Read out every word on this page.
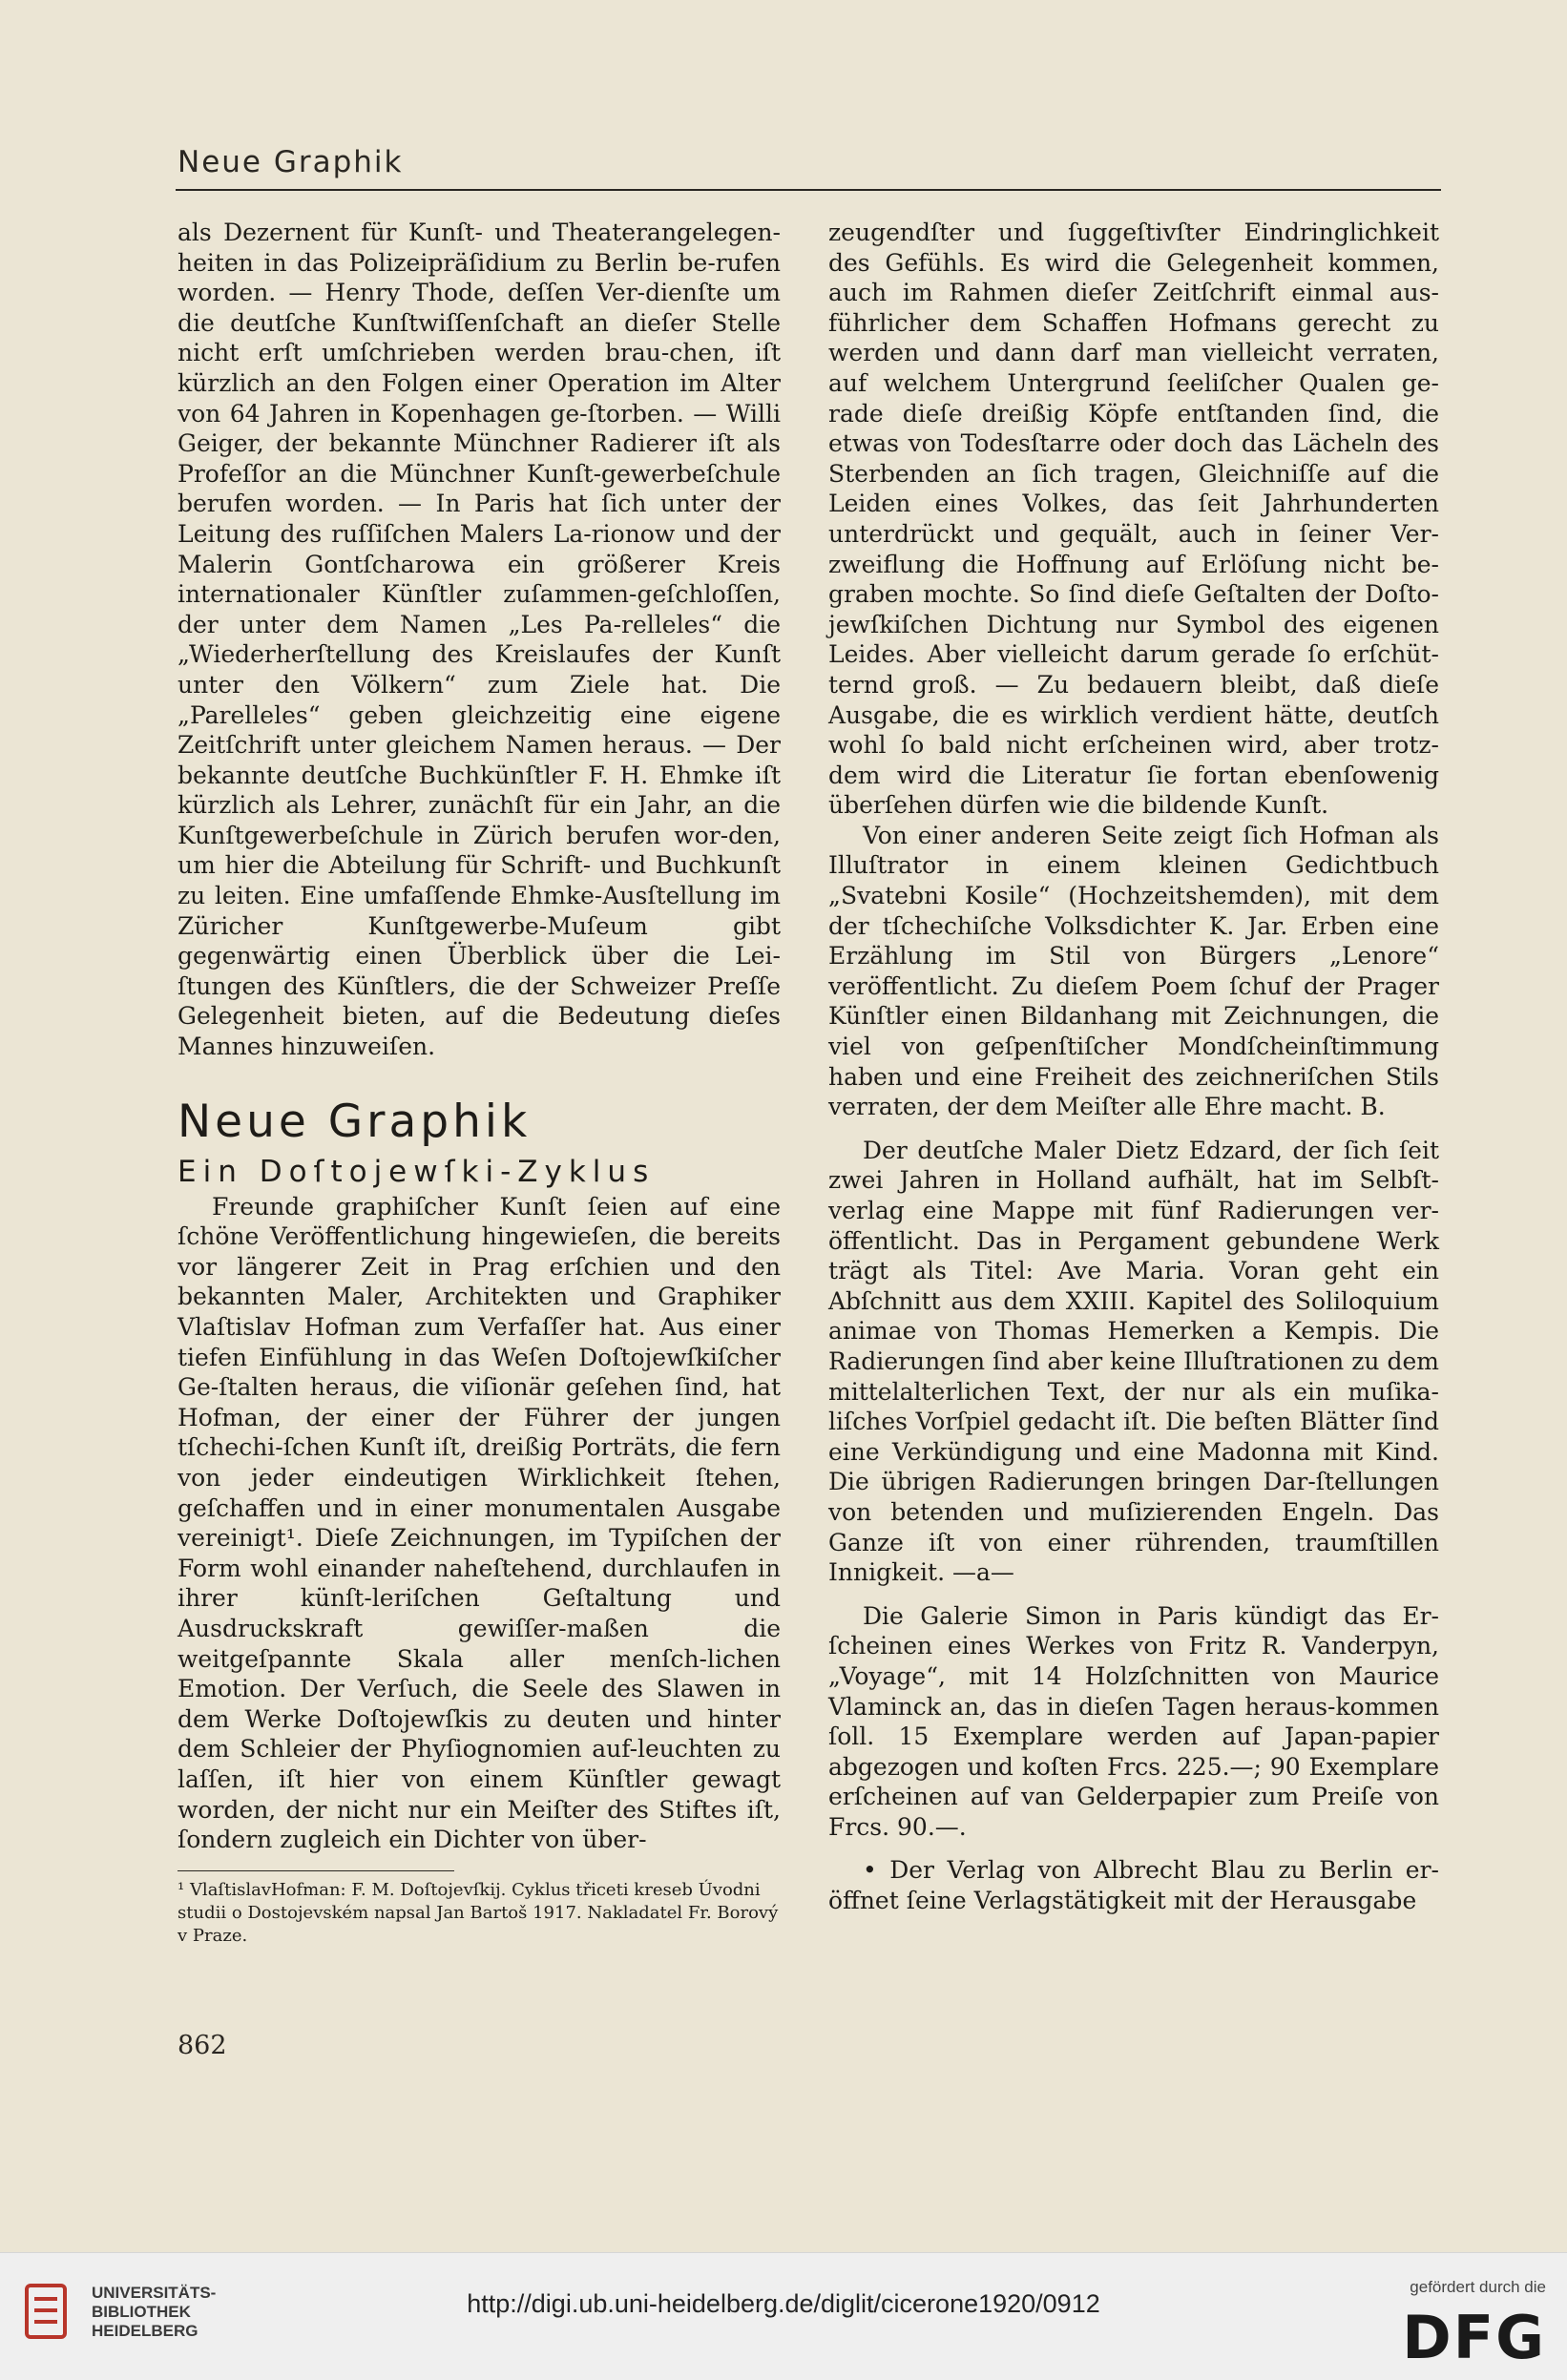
Neue Graphik

als Dezernent für Kunſt- und Theaterangelegen-heiten in das Polizeipräſidium zu Berlin be-rufen worden. — Henry Thode, deſſen Ver-dienſte um die deutſche Kunſtwiſſenſchaft an dieſer Stelle nicht erſt umſchrieben werden brau-chen, iſt kürzlich an den Folgen einer Operation im Alter von 64 Jahren in Kopenhagen ge-ſtorben. — Willi Geiger, der bekannte Münchner Radierer iſt als Profeſſor an die Münchner Kunſt-gewerbeſchule berufen worden. — In Paris hat ſich unter der Leitung des ruſſiſchen Malers La-rionow und der Malerin Gontſcharowa ein größerer Kreis internationaler Künſtler zuſammen-geſchloſſen, der unter dem Namen „Les Pa-relleles“ die „Wiederherſtellung des Kreislaufes der Kunſt unter den Völkern“ zum Ziele hat. Die „Parelleles“ geben gleichzeitig eine eigene Zeitſchrift unter gleichem Namen heraus. — Der bekannte deutſche Buchkünſtler F. H. Ehmke iſt kürzlich als Lehrer, zunächſt für ein Jahr, an die Kunſtgewerbeſchule in Zürich berufen wor-den, um hier die Abteilung für Schrift- und Buchkunſt zu leiten. Eine umfaſſende Ehmke-Ausſtellung im Züricher Kunſtgewerbe-Muſeum gibt gegenwärtig einen Überblick über die Lei-ſtungen des Künſtlers, die der Schweizer Preſſe Gelegenheit bieten, auf die Bedeutung dieſes Mannes hinzuweiſen.

Neue Graphik
Ein Doſtojewſki-Zyklus

Freunde graphiſcher Kunſt ſeien auf eine ſchöne Veröffentlichung hingewieſen, die bereits vor längerer Zeit in Prag erſchien und den bekannten Maler, Architekten und Graphiker Vlaſtislav Hofman zum Verfaſſer hat. Aus einer tiefen Einfühlung in das Weſen Doſtojewſkiſcher Ge-ſtalten heraus, die viſionär geſehen ſind, hat Hofman, der einer der Führer der jungen tſchechi-ſchen Kunſt iſt, dreißig Porträts, die fern von jeder eindeutigen Wirklichkeit ſtehen, geſchaffen und in einer monumentalen Ausgabe vereinigt¹. Dieſe Zeichnungen, im Typiſchen der Form wohl einander naheſtehend, durchlaufen in ihrer künſt-leriſchen Geſtaltung und Ausdruckskraft gewiſſer-maßen die weitgeſpannte Skala aller menſch-lichen Emotion. Der Verſuch, die Seele des Slawen in dem Werke Doſtojewſkis zu deuten und hinter dem Schleier der Phyſiognomien auf-leuchten zu laſſen, iſt hier von einem Künſtler gewagt worden, der nicht nur ein Meiſter des Stiftes iſt, ſondern zugleich ein Dichter von über-

¹ VlaſtislavHofman: F. M. Doſtojevſkij. Cyklus třiceti kreseb Úvodni studii o Dostojevském napsal Jan Bartoš 1917. Nakladatel Fr. Borový v Praze.

zeugendſter und ſuggeſtivſter Eindringlichkeit des Gefühls. Es wird die Gelegenheit kommen, auch im Rahmen dieſer Zeitſchrift einmal aus-führlicher dem Schaffen Hofmans gerecht zu werden und dann darf man vielleicht verraten, auf welchem Untergrund ſeeliſcher Qualen ge-rade dieſe dreißig Köpfe entſtanden ſind, die etwas von Todesſtarre oder doch das Lächeln des Sterbenden an ſich tragen, Gleichniſſe auf die Leiden eines Volkes, das ſeit Jahrhunderten unterdrückt und gequält, auch in ſeiner Ver-zweiflung die Hoffnung auf Erlöſung nicht be-graben mochte. So ſind dieſe Geſtalten der Doſto-jewſkiſchen Dichtung nur Symbol des eigenen Leides. Aber vielleicht darum gerade ſo erſchüt-ternd groß. — Zu bedauern bleibt, daß dieſe Ausgabe, die es wirklich verdient hätte, deutſch wohl ſo bald nicht erſcheinen wird, aber trotz-dem wird die Literatur ſie fortan ebenſowenig überſehen dürfen wie die bildende Kunſt.

Von einer anderen Seite zeigt ſich Hofman als Illuſtrator in einem kleinen Gedichtbuch „Svatebni Kosile“ (Hochzeitshemden), mit dem der tſchechiſche Volksdichter K. Jar. Erben eine Erzählung im Stil von Bürgers „Lenore“ veröffentlicht. Zu dieſem Poem ſchuf der Prager Künſtler einen Bildanhang mit Zeichnungen, die viel von geſpenſtiſcher Mondſcheinſtimmung haben und eine Freiheit des zeichneriſchen Stils verraten, der dem Meiſter alle Ehre macht. B.

Der deutſche Maler Dietz Edzard, der ſich ſeit zwei Jahren in Holland aufhält, hat im Selbſt-verlag eine Mappe mit fünf Radierungen ver-öffentlicht. Das in Pergament gebundene Werk trägt als Titel: Ave Maria. Voran geht ein Abſchnitt aus dem XXIII. Kapitel des Soliloquium animae von Thomas Hemerken a Kempis. Die Radierungen ſind aber keine Illuſtrationen zu dem mittelalterlichen Text, der nur als ein muſika-liſches Vorſpiel gedacht iſt. Die beſten Blätter ſind eine Verkündigung und eine Madonna mit Kind. Die übrigen Radierungen bringen Dar-ſtellungen von betenden und muſizierenden Engeln. Das Ganze iſt von einer rührenden, traumſtillen Innigkeit. —a—

Die Galerie Simon in Paris kündigt das Er-ſcheinen eines Werkes von Fritz R. Vanderpyn, „Voyage“, mit 14 Holzſchnitten von Maurice Vlaminck an, das in dieſen Tagen heraus-kommen ſoll. 15 Exemplare werden auf Japan-papier abgezogen und koſten Frcs. 225.—; 90 Exemplare erſcheinen auf van Gelderpapier zum Preiſe von Frcs. 90.—.

• Der Verlag von Albrecht Blau zu Berlin er-öffnet ſeine Verlagstätigkeit mit der Herausgabe

862
UNIVERSITÄTS-
BIBLIOTHEK
HEIDELBERG
http://digi.ub.uni-heidelberg.de/diglit/cicerone1920/0912
gefördert durch die
DFG
